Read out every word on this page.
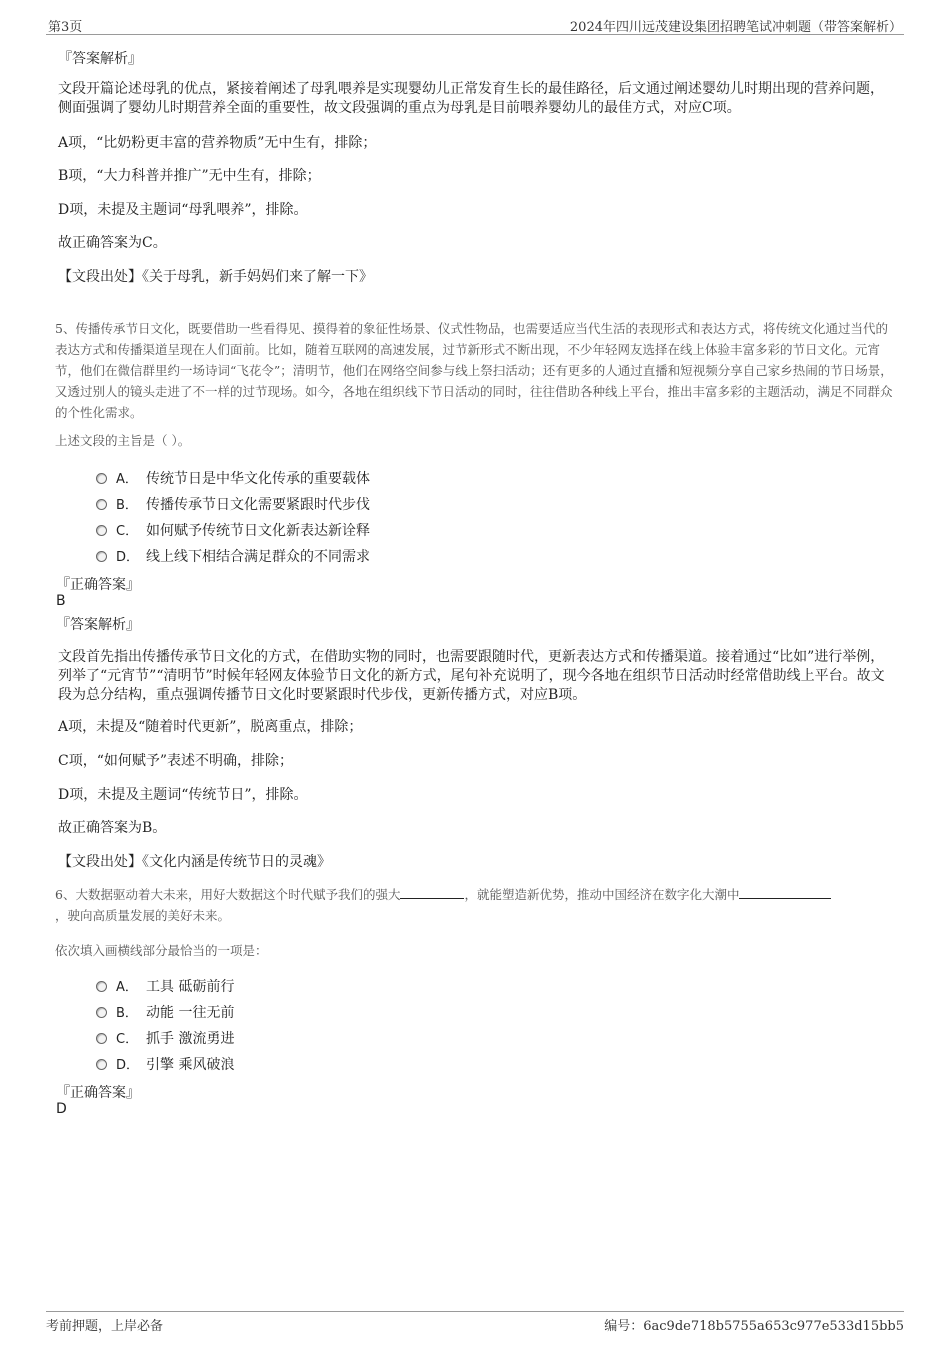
第3页	2024年四川远茂建设集团招聘笔试冲刺题（带答案解析）
『答案解析』
文段开篇论述母乳的优点，紧接着阐述了母乳喂养是实现婴幼儿正常发育生长的最佳路径，后文通过阐述婴幼儿时期出现的营养问题，侧面强调了婴幼儿时期营养全面的重要性，故文段强调的重点为母乳是目前喂养婴幼儿的最佳方式，对应C项。
A项，“比奶粉更丰富的营养物质”无中生有，排除；
B项，“大力科普并推广”无中生有，排除；
D项，未提及主题词“母乳喂养”，排除。
故正确答案为C。
【文段出处】《关于母乳，新手妈妈们来了解一下》
5、传播传承节日文化，既要借助一些看得见、摸得着的象征性场景、仪式性物品，也需要适应当代生活的表现形式和表达方式，将传统文化通过当代的表达方式和传播渠道呈现在人们面前。比如，随着互联网的高速发展，过节新形式不断出现，不少年轻网友选择在线上体验丰富多彩的节日文化。元宵节，他们在微信群里约一场诗词“飞花令”；清明节，他们在网络空间参与线上祭扫活动；还有更多的人通过直播和短视频分享自己家乡热闹的节日场景，又透过别人的镜头走进了不一样的过节现场。如今，各地在组织线下节日活动的同时，往往借助各种线上平台，推出丰富多彩的主题活动，满足不同群众的个性化需求。
上述文段的主旨是（ ）。
A． 传统节日是中华文化传承的重要载体
B． 传播传承节日文化需要紧跟时代步伐
C． 如何赋予传统节日文化新表达新诠释
D． 线上线下相结合满足群众的不同需求
『正确答案』
B
『答案解析』
文段首先指出传播传承节日文化的方式，在借助实物的同时，也需要跟随时代，更新表达方式和传播渠道。接着通过“比如”进行举例，列举了“元宵节”“清明节”时候年轻网友体验节日文化的新方式，尾句补充说明了，现今各地在组织节日活动时经常借助线上平台。故文段为总分结构，重点强调传播节日文化时要紧跟时代步伐，更新传播方式，对应B项。
A项，未提及“随着时代更新”，脱离重点，排除；
C项，“如何赋予”表述不明确，排除；
D项，未提及主题词“传统节日”，排除。
故正确答案为B。
【文段出处】《文化内涵是传统节日的灵魂》
6、大数据驱动着大未来，用好大数据这个时代赋予我们的强大	，就能塑造新优势，推动中国经济在数字化大潮中
，驶向高质量发展的美好未来。
依次填入画横线部分最恰当的一项是：
A． 工具 砥砺前行
B． 动能 一往无前
C． 抓手 激流勇进
D． 引擎 乘风破浪
『正确答案』
D
考前押题，上岸必备	编号：6ac9de718b5755a653c977e533d15bb5
